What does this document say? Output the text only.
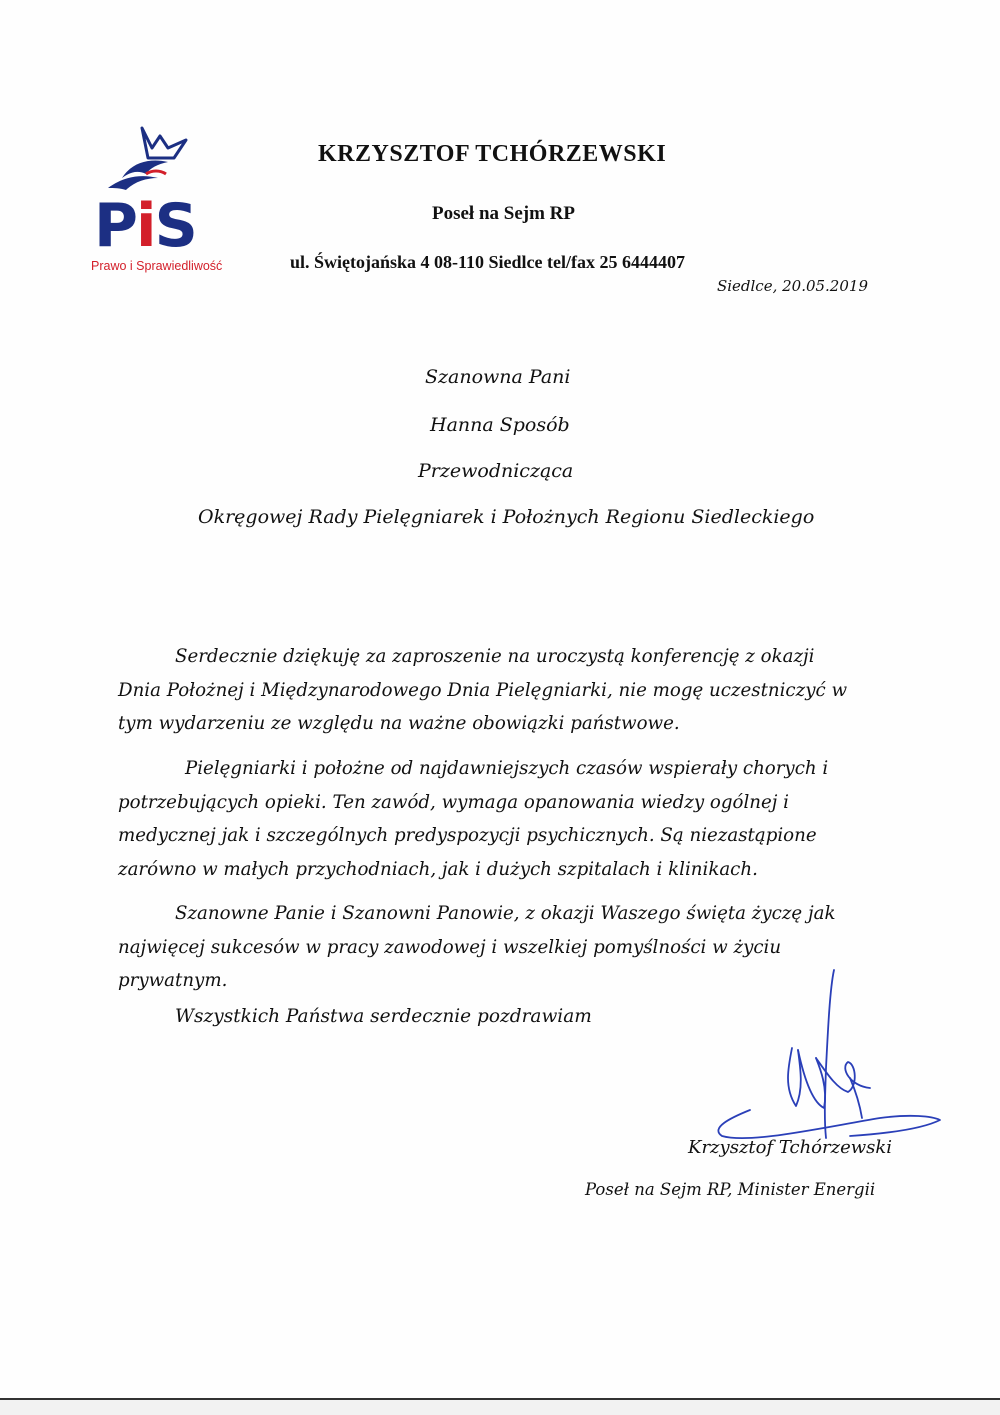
PiS
Prawo i Sprawiedliwość
KRZYSZTOF TCHÓRZEWSKI
Poseł na Sejm RP
ul. Świętojańska 4 08-110 Siedlce tel/fax 25 6444407
Siedlce, 20.05.2019
Szanowna Pani
Hanna Sposób
Przewodnicząca
Okręgowej Rady Pielęgniarek i Położnych Regionu Siedleckiego
Serdecznie dziękuję za zaproszenie na uroczystą konferencję z okazji
Dnia Położnej i Międzynarodowego Dnia Pielęgniarki, nie mogę uczestniczyć w
tym wydarzeniu ze względu na ważne obowiązki państwowe.
Pielęgniarki i położne od najdawniejszych czasów wspierały chorych i
potrzebujących opieki. Ten zawód, wymaga opanowania wiedzy ogólnej i
medycznej jak i szczególnych predyspozycji psychicznych. Są niezastąpione
zarówno w małych przychodniach, jak i dużych szpitalach i klinikach.
Szanowne Panie i Szanowni Panowie, z okazji Waszego święta życzę jak
najwięcej sukcesów w pracy zawodowej i wszelkiej pomyślności w życiu
prywatnym.
Wszystkich Państwa serdecznie pozdrawiam
Krzysztof Tchórzewski
Poseł na Sejm RP, Minister Energii
